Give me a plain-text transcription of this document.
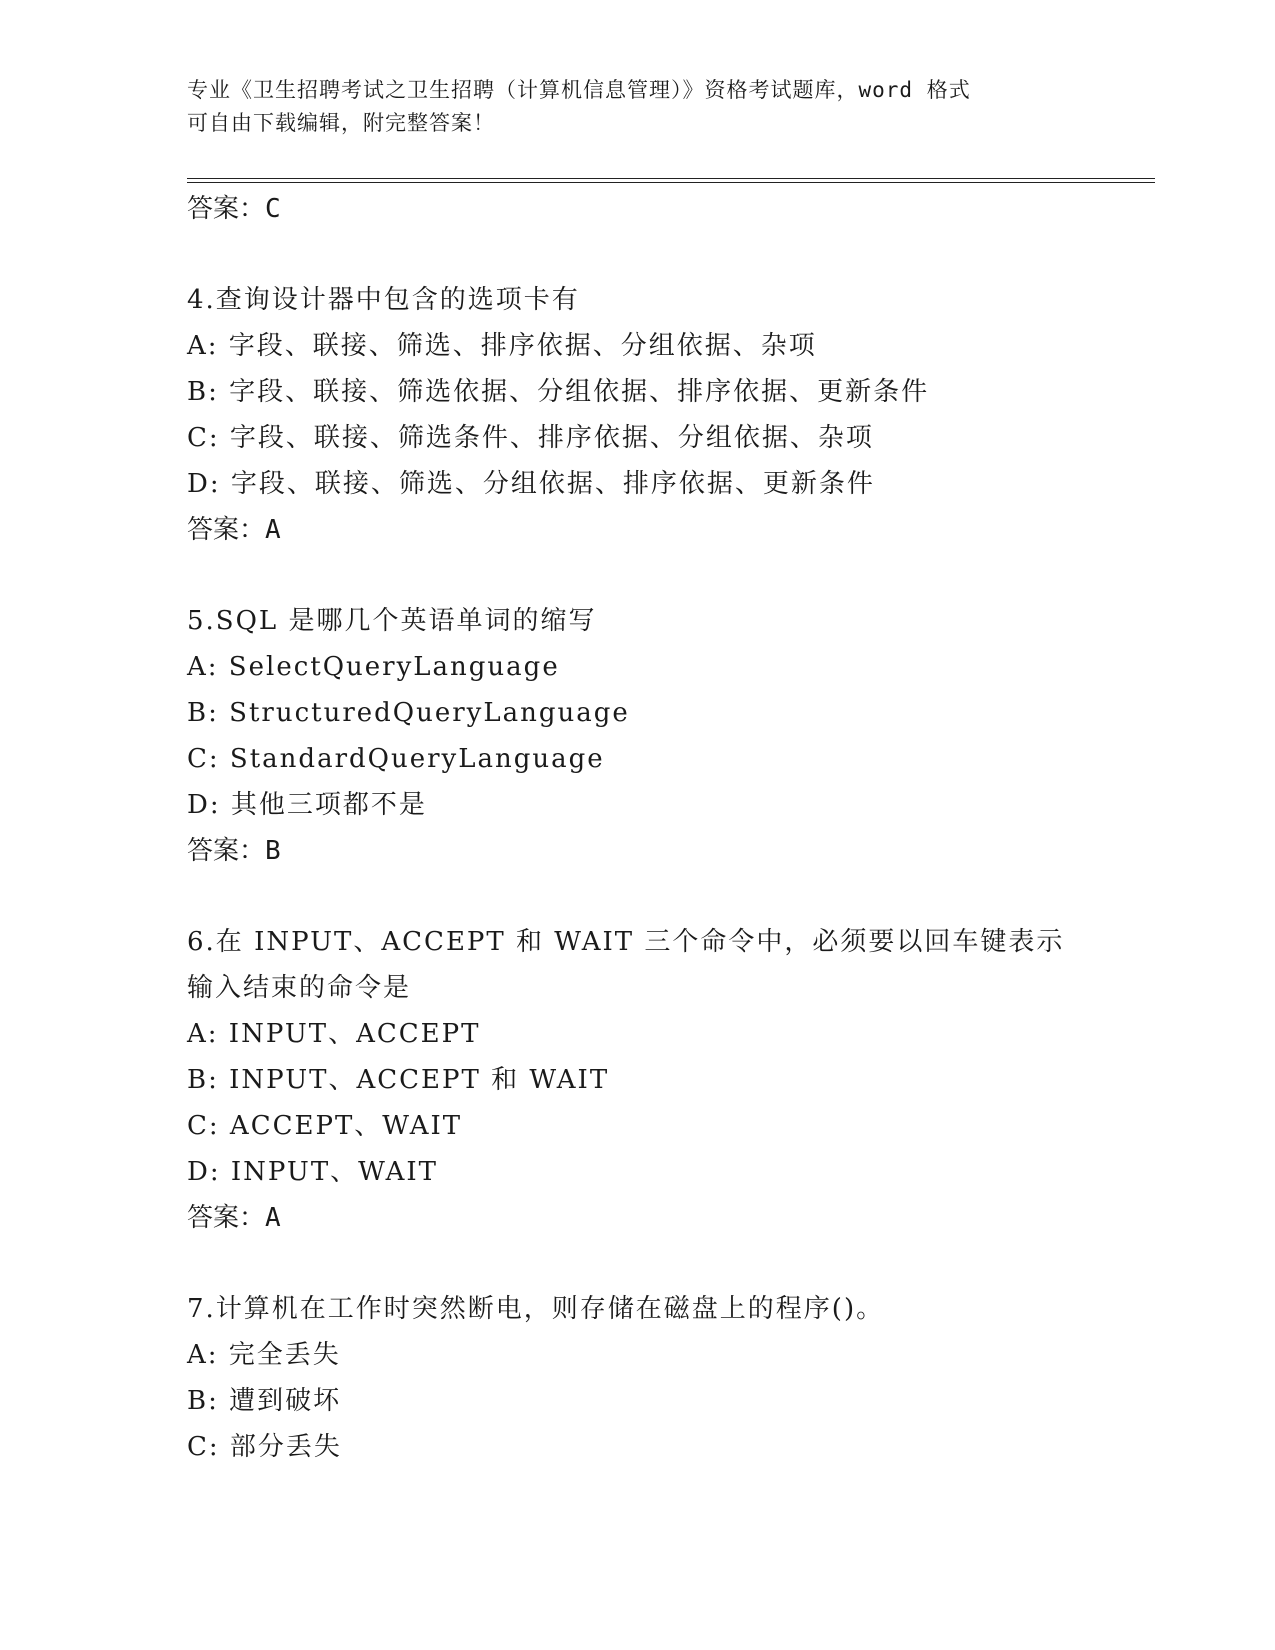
专业《卫生招聘考试之卫生招聘（计算机信息管理）》资格考试题库，word 格式
可自由下载编辑，附完整答案！
答案：C
4.查询设计器中包含的选项卡有
A: 字段、联接、筛选、排序依据、分组依据、杂项
B: 字段、联接、筛选依据、分组依据、排序依据、更新条件
C: 字段、联接、筛选条件、排序依据、分组依据、杂项
D: 字段、联接、筛选、分组依据、排序依据、更新条件
答案：A
5.SQL 是哪几个英语单词的缩写
A: SelectQueryLanguage
B: StructuredQueryLanguage
C: StandardQueryLanguage
D: 其他三项都不是
答案：B
6.在 INPUT、ACCEPT 和 WAIT 三个命令中，必须要以回车键表示输入结束的命令是
A: INPUT、ACCEPT
B: INPUT、ACCEPT 和 WAIT
C: ACCEPT、WAIT
D: INPUT、WAIT
答案：A
7.计算机在工作时突然断电，则存储在磁盘上的程序()。
A: 完全丢失
B: 遭到破坏
C: 部分丢失
